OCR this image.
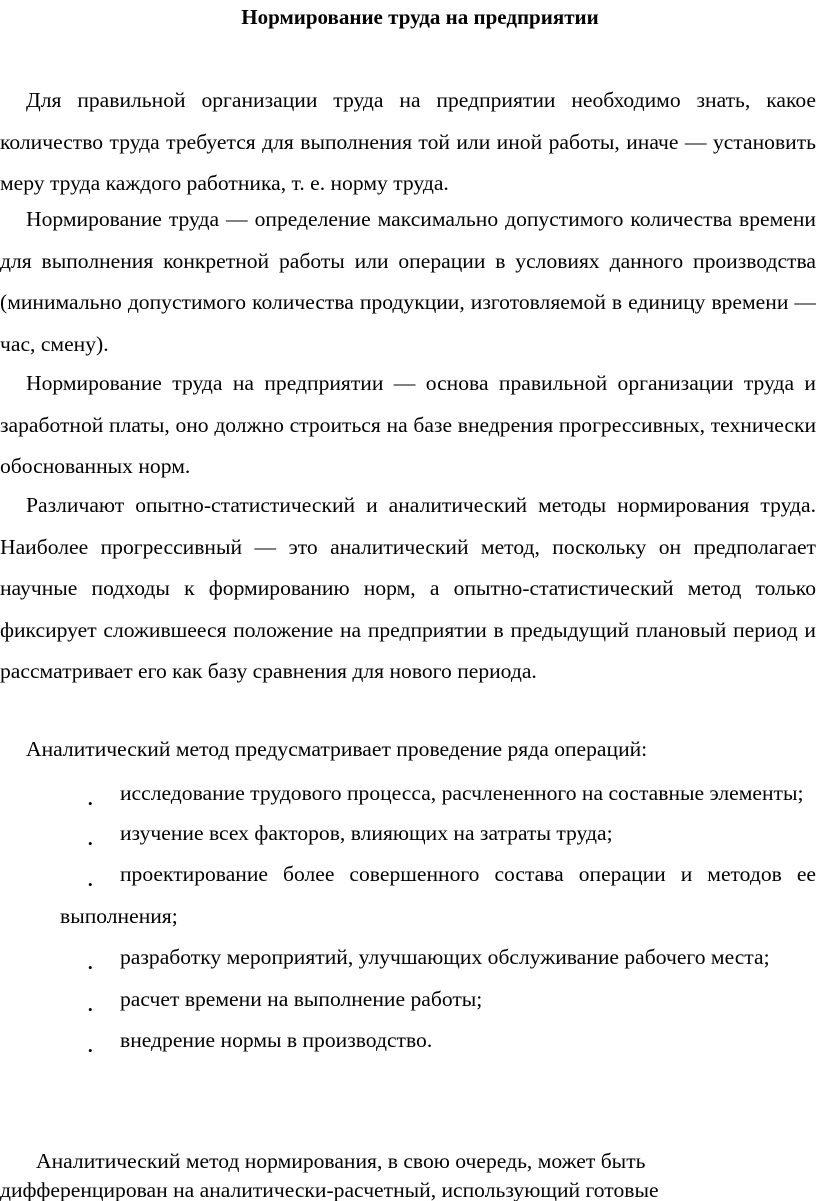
Нормирование труда на предприятии

Для правильной организации труда на предприятии необходимо знать, какое количество труда требуется для выполнения той или иной работы, иначе — установить меру труда каждого работника, т. е. норму труда.

Нормирование труда — определение максимально допустимого количества времени для выполнения конкретной работы или операции в условиях данного производства (минимально допустимого количества продукции, изготовляемой в единицу времени — час, смену).

Нормирование труда на предприятии — основа правильной организации труда и заработной платы, оно должно строиться на базе внедрения прогрессивных, технически обоснованных норм.

Различают опытно-статистический и аналитический методы нормирования труда. Наиболее прогрессивный — это аналитический метод, поскольку он предполагает научные подходы к формированию норм, а опытно-статистический метод только фиксирует сложившееся положение на предприятии в предыдущий плановый период и рассматривает его как базу сравнения для нового периода.

Аналитический метод предусматривает проведение ряда операций:

• исследование трудового процесса, расчлененного на составные элементы;
• изучение всех факторов, влияющих на затраты труда;
• проектирование более совершенного состава операции и методов ее выполнения;
• разработку мероприятий, улучшающих обслуживание рабочего места;
• расчет времени на выполнение работы;
• внедрение нормы в производство.

Аналитический метод нормирования, в свою очередь, может быть

дифференцирован на аналитически-расчетный, использующий готовые
